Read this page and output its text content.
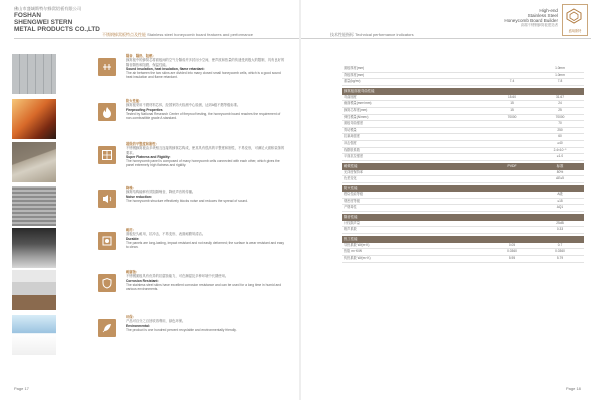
佛山市盛域斯特尔蜂窝铝板有限公司
FOSHAN
SHENGWEI STERN
METAL PRODUCTS CO.,LTD
不锈钢蜂窝板特点及性能 Stainless steel honeycomb board features and performance
High-end
Stainless Steel
Honeycomb Board Builder
高端不锈钢蜂窝板建造者
盛域斯特
技术性能指标 Technical performance indicators
隔音、隔热、阻燃：
蜂窝板中的蜂窝芯将面板间的空气分隔成许多封闭小空间，使声波和热量的传递受到极大的限制，具有良好的隔音隔热和阻燃、保温性能。
Sound insulation, heat insulation, flame retardant:
The air between the two skins are divided into many closed small honeycomb cells, which is a good sound heat insulation and flame retardant.
防火性能：
蜂窝板采用不燃材料芯体，经国家防火检测中心检测，达到A级不燃等级标准。
Fireproofing Properties
Tested by National Research Center of fireproof testing, the honeycomb board reaches the requirement of non-combustible grade A standard.
超级的平整度和刚性：
不锈钢蜂窝板由多块相互连接的蜂窝芯构成，使其具有很高的平整度和刚性，不易变形，可满足大面积装饰的要求。
Super Flatness and Rigidity:
The honeycomb panel is composed of many honeycomb cells connected with each other, which gives the panel extremely high flatness and rigidity.
降噪：
蜂窝结构能够有效阻隔噪音，降低声音的传播。
Noise reduction:
The honeycomb structure effectively blocks noise and reduces the spread of sound.
耐用：
面板经久耐用，抗冲击，不易变形，表面耐磨易清洁。
Durable:
The panels are long-lasting, impact resistant and not easily deformed; the surface is wear resistant and easy to clean.
耐腐蚀：
不锈钢面板具有优异的抗腐蚀能力，可在潮湿及多种环境中长期使用。
Corrosion Resistant:
The stainless steel skins have excellent corrosion resistance and can be used for a long time in humid and various environments.
环保：
产品可百分之百回收再利用，绿色环保。
Environmental:
The product is one hundred percent recyclable and environmentally friendly.
面板厚度(mm)	1.0mm
背板厚度(mm)	1.0mm
重量(kg/m²)	7.4	7.8
蜂窝板面板弯曲性能
弯曲刚度	15.60	31.67
截面模量(mm³/mm)	15	24
蜂窝芯厚度(mm)	15	25
弹性模量(N/mm²)	70000	70000
面板弯曲强度	70
剪切模量	250
抗剥离强度	60
冲击强度	≥40
线膨胀系数	2.4×10⁻⁵
平面抗拉强度	≥1.0
耐候性能	PVDF	标准
光泽度保持率	80%
色差变化	ΔE≤5
防火性能
燃烧性能等级	A级
烟密度等级	≤15
产烟毒性	AQ1
隔音性能
计权隔声量	25dB
吸声系数	0.33
热工性能
导热系数 W/(m·K)	0.05	0.7
热阻 m²·K/W	0.0360	0.0360
传热系数 W/(m²·K)	5.95	5.79
Page 17	Page 18
